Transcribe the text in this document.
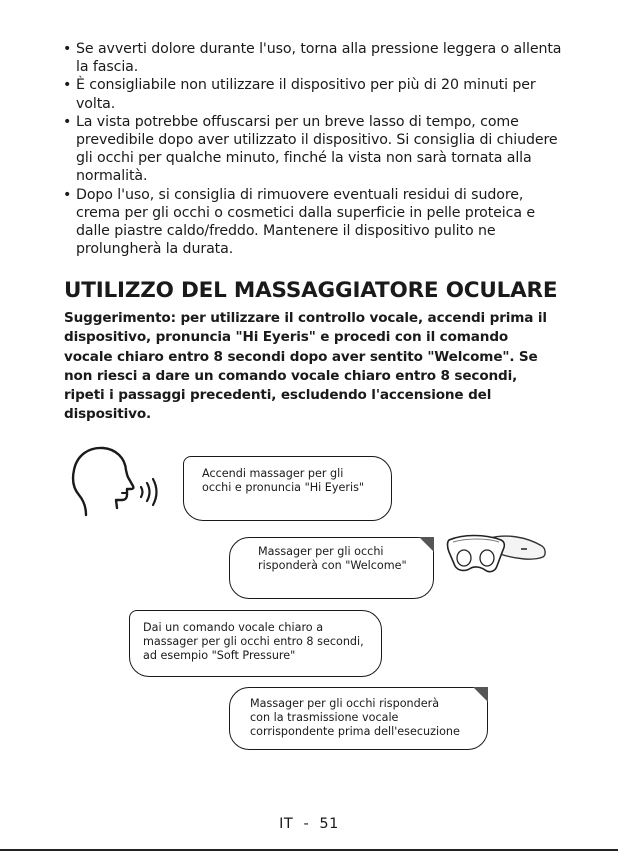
• Se avverti dolore durante l'uso, torna alla pressione leggera o allenta la fascia.
• È consigliabile non utilizzare il dispositivo per più di 20 minuti per volta.
• La vista potrebbe offuscarsi per un breve lasso di tempo, come prevedibile dopo aver utilizzato il dispositivo. Si consiglia di chiudere gli occhi per qualche minuto, finché la vista non sarà tornata alla normalità.
• Dopo l'uso, si consiglia di rimuovere eventuali residui di sudore, crema per gli occhi o cosmetici dalla superficie in pelle proteica e dalle piastre caldo/freddo. Mantenere il dispositivo pulito ne prolungherà la durata.
UTILIZZO DEL MASSAGGIATORE OCULARE

Suggerimento: per utilizzare il controllo vocale, accendi prima il dispositivo, pronuncia "Hi Eyeris" e procedi con il comando vocale chiaro entro 8 secondi dopo aver sentito "Welcome". Se non riesci a dare un comando vocale chiaro entro 8 secondi, ripeti i passaggi precedenti, escludendo l'accensione del dispositivo.

Accendi massager per gli
occhi e pronuncia "Hi Eyeris"
Massager per gli occhi
risponderà con "Welcome"
Dai un comando vocale chiaro a
massager per gli occhi entro 8 secondi,
ad esempio "Soft Pressure"
Massager per gli occhi risponderà
con la trasmissione vocale
corrispondente prima dell'esecuzione
IT  -  51
